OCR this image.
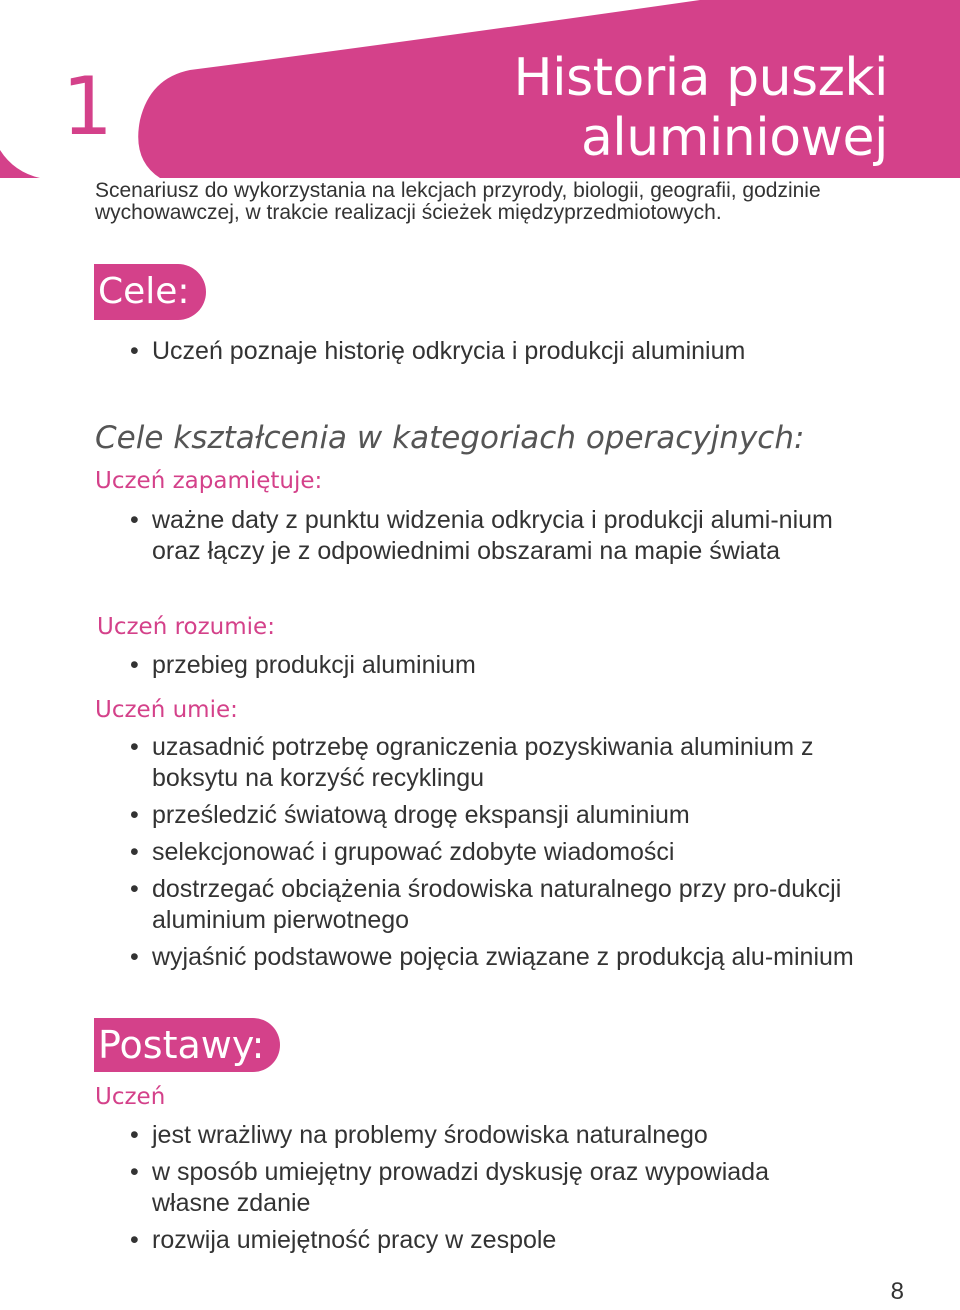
1	Historia puszki
aluminiowej
Scenariusz do wykorzystania na lekcjach przyrody, biologii, geografii, godzinie wychowawczej, w trakcie realizacji ścieżek międzyprzedmiotowych.
Cele:
• Uczeń poznaje historię odkrycia i produkcji aluminium
Cele kształcenia w kategoriach operacyjnych:
Uczeń zapamiętuje:
• ważne daty z punktu widzenia odkrycia i produkcji alumi-nium oraz łączy je z odpowiednimi obszarami na mapie świata
Uczeń rozumie:
• przebieg produkcji aluminium
Uczeń umie:
• uzasadnić potrzebę ograniczenia pozyskiwania aluminium z boksytu na korzyść recyklingu
• prześledzić światową drogę ekspansji aluminium
• selekcjonować i grupować zdobyte wiadomości
• dostrzegać obciążenia środowiska naturalnego przy pro-dukcji aluminium pierwotnego
• wyjaśnić podstawowe pojęcia związane z produkcją alu-minium
Postawy:
Uczeń
• jest wrażliwy na problemy środowiska naturalnego
• w sposób umiejętny prowadzi dyskusję oraz wypowiada własne zdanie
• rozwija umiejętność pracy w zespole
8
